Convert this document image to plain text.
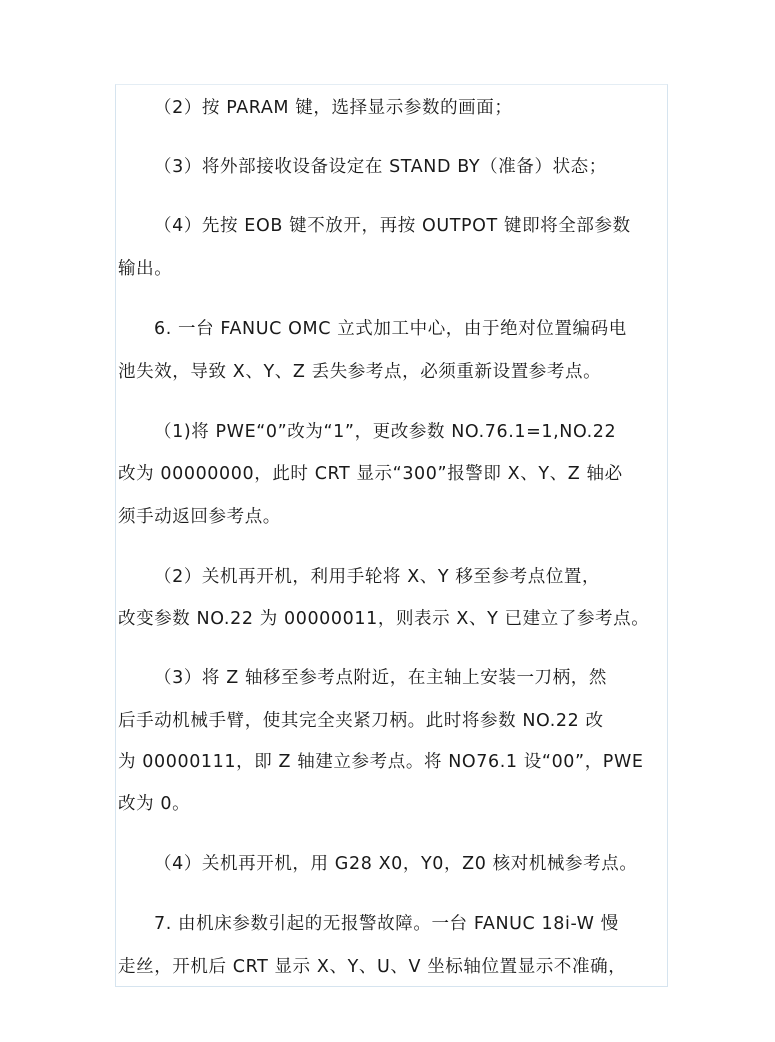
（2）按 PARAM 键，选择显示参数的画面；
（3）将外部接收设备设定在 STAND BY（准备）状态；
（4）先按 EOB 键不放开，再按 OUTPOT 键即将全部参数
输出。
6. 一台 FANUC OMC 立式加工中心，由于绝对位置编码电
池失效，导致 X、Y、Z 丢失参考点，必须重新设置参考点。
（1)将 PWE“0”改为“1”，更改参数 NO.76.1=1,NO.22
改为 00000000，此时 CRT 显示“300”报警即 X、Y、Z 轴必
须手动返回参考点。
（2）关机再开机，利用手轮将 X、Y 移至参考点位置，
改变参数 NO.22 为 00000011，则表示 X、Y 已建立了参考点。
（3）将 Z 轴移至参考点附近，在主轴上安装一刀柄，然
后手动机械手臂，使其完全夹紧刀柄。此时将参数 NO.22 改
为 00000111，即 Z 轴建立参考点。将 NO76.1 设“00”，PWE
改为 0。
（4）关机再开机，用 G28 X0，Y0，Z0 核对机械参考点。
7. 由机床参数引起的无报警故障。一台 FANUC 18i-W 慢
走丝，开机后 CRT 显示 X、Y、U、V 坐标轴位置显示不准确，
